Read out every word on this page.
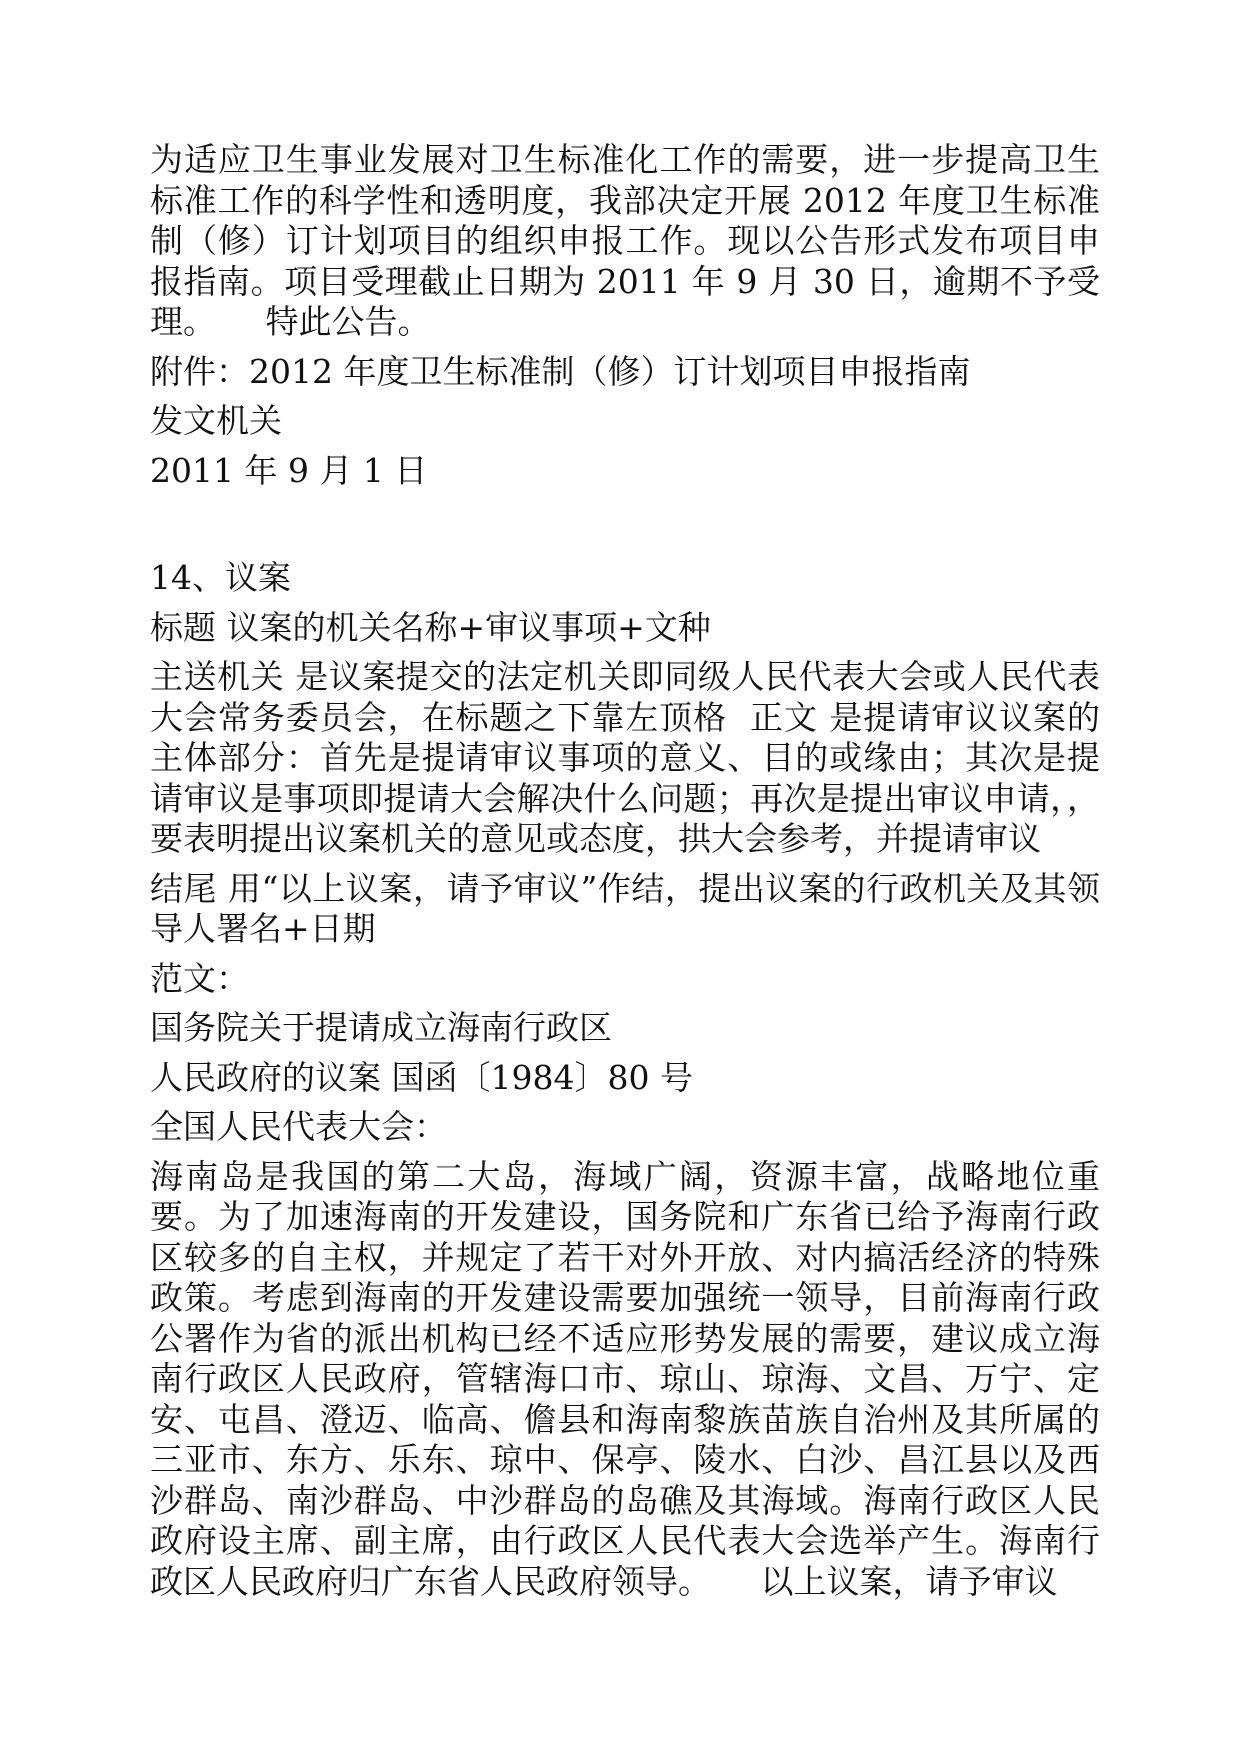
为适应卫生事业发展对卫生标准化工作的需要，进一步提高卫生标准工作的科学性和透明度，我部决定开展 2012 年度卫生标准制（修）订计划项目的组织申报工作。现以公告形式发布项目申报指南。项目受理截止日期为 2011 年 9 月 30 日，逾期不予受理。　　特此公告。

附件：2012 年度卫生标准制（修）订计划项目申报指南

发文机关

2011 年 9 月 1 日

14、议案

标题 议案的机关名称+审议事项+文种

主送机关 是议案提交的法定机关即同级人民代表大会或人民代表大会常务委员会，在标题之下靠左顶格  正文 是提请审议议案的主体部分：首先是提请审议事项的意义、目的或缘由；其次是提请审议是事项即提请大会解决什么问题；再次是提出审议申请，，要表明提出议案机关的意见或态度，拱大会参考，并提请审议

结尾 用“以上议案，请予审议”作结，提出议案的行政机关及其领导人署名+日期

范文：

国务院关于提请成立海南行政区

人民政府的议案 国函〔1984〕80 号

全国人民代表大会：

海南岛是我国的第二大岛，海域广阔，资源丰富，战略地位重要。为了加速海南的开发建设，国务院和广东省已给予海南行政区较多的自主权，并规定了若干对外开放、对内搞活经济的特殊政策。考虑到海南的开发建设需要加强统一领导，目前海南行政公署作为省的派出机构已经不适应形势发展的需要，建议成立海南行政区人民政府，管辖海口市、琼山、琼海、文昌、万宁、定安、屯昌、澄迈、临高、儋县和海南黎族苗族自治州及其所属的三亚市、东方、乐东、琼中、保亭、陵水、白沙、昌江县以及西沙群岛、南沙群岛、中沙群岛的岛礁及其海域。海南行政区人民政府设主席、副主席，由行政区人民代表大会选举产生。海南行政区人民政府归广东省人民政府领导。　　以上议案，请予审议
